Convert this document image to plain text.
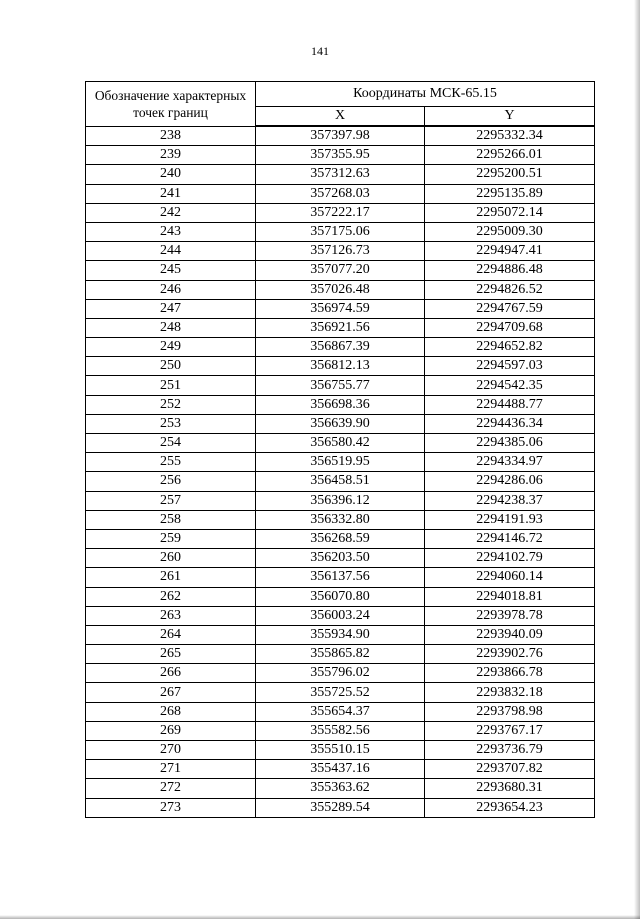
141
Обозначение характерных точек границ	Координаты МСК-65.15	
	X	Y
238	357397.98	2295332.34
239	357355.95	2295266.01
240	357312.63	2295200.51
241	357268.03	2295135.89
242	357222.17	2295072.14
243	357175.06	2295009.30
244	357126.73	2294947.41
245	357077.20	2294886.48
246	357026.48	2294826.52
247	356974.59	2294767.59
248	356921.56	2294709.68
249	356867.39	2294652.82
250	356812.13	2294597.03
251	356755.77	2294542.35
252	356698.36	2294488.77
253	356639.90	2294436.34
254	356580.42	2294385.06
255	356519.95	2294334.97
256	356458.51	2294286.06
257	356396.12	2294238.37
258	356332.80	2294191.93
259	356268.59	2294146.72
260	356203.50	2294102.79
261	356137.56	2294060.14
262	356070.80	2294018.81
263	356003.24	2293978.78
264	355934.90	2293940.09
265	355865.82	2293902.76
266	355796.02	2293866.78
267	355725.52	2293832.18
268	355654.37	2293798.98
269	355582.56	2293767.17
270	355510.15	2293736.79
271	355437.16	2293707.82
272	355363.62	2293680.31
273	355289.54	2293654.23
